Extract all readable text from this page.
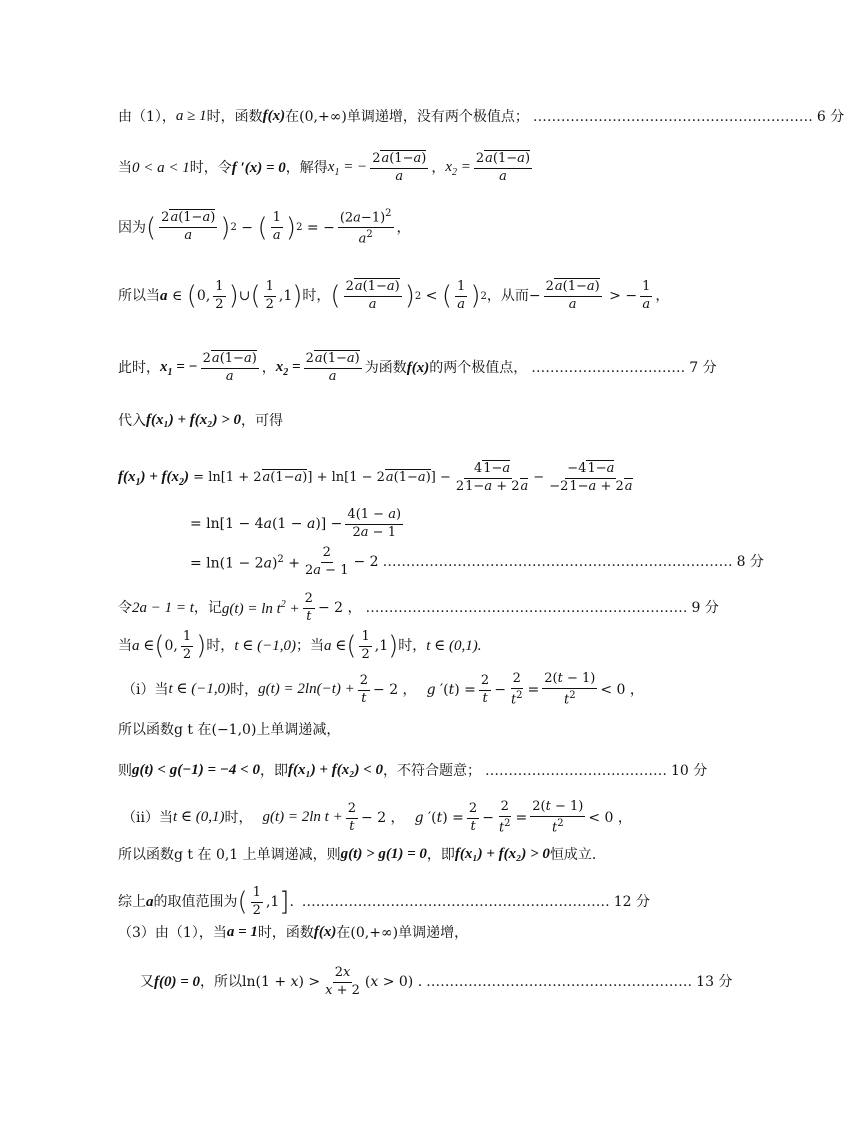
由（1）， a ≥ 1 时，函数 f(x) 在 (0,+∞) 单调递增，没有两个极值点； …………………………………………………… 6 分
当 0 < a < 1 时，令 f ′(x) = 0 ，解得 $x_1$ = − $\frac{2a(1-a)}{a}$ ， $x_2 = \frac{2a(1-a)}{a}$
因为 ( $\frac{2a(1-a)}{a}$ ) 2 − ( $\frac{1}{a}$ ) 2 = − $\frac{(2a-1)^2}{a^2}$ ，
所以当 a ∈ ( 0, $\frac{1}{2}$ ) ∪ ( $\frac{1}{2} ,1$ ) 时， ( $\frac{2a(1-a)}{a}$ ) 2 < ( $\frac{1}{a}$ ) 2 ，从而 − $\frac{2a(1-a)}{a}$ > − $\frac{1}{a}$ ，
此时， $x_1$ = − $\frac{2a(1-a)}{a}$ ， $x_2 = \frac{2a(1-a)}{a}$ 为函数 f(x) 的两个极值点， …………………………… 7 分
代入 f(x₁) + f(x₂) > 0 ，可得
$f(x_1) + f(x_2) = \ln[1 + 2a(1-a)] + \ln[1 - 2a(1-a)] - \frac{41-a}{21-a + 2a} - \frac{-41-a}{-21-a + 2a}$
= $\ln[1 - 4a(1 - a)] - \frac{4(1 - a)}{2a - 1}$
= $\ln(1 - 2a)^2 + \frac{2}{2a - 1} - 2$ ………………………………………………………………… 8 分
令 2a − 1 = t ，记 $g(t) = \ln t^2 + \frac{2}{t} - 2$ ， …………………………………………………………… 9 分
当 a ∈ ( 0, $\frac{1}{2}$ ) 时， t ∈ (−1,0) ；当 a ∈ ( $\frac{1}{2} ,1$ ) 时， t ∈ (0,1).
（i）当 t ∈ (−1,0) 时， $g(t) = 2\ln(-t) + \frac{2}{t} - 2$ ， g $'(t) = \frac{2}{t} - \frac{2}{t^2} = \frac{2(t - 1)}{t^2} < 0$ ，
所以函数g t 在(−1,0)上单调递减，
则 g(t) < g(−1) = −4 < 0 ，即 f(x₁) + f(x₂) < 0 ，不符合题意； ………………………………… 10 分
（ii）当 t ∈ (0,1) 时， g(t) = 2ln $t + \frac{2}{t} - 2$ ， g $'(t) = \frac{2}{t} - \frac{2}{t^2} = \frac{2(t - 1)}{t^2} < 0$ ，
所以函数g t 在 0,1 上单调递减，则 g(t) > g(1) = 0 ，即 f(x₁) + f(x₂) > 0 恒成立.
综上 a 的取值范围为 ( $\frac{1}{2} ,1$ ] . ………………………………………………………… 12 分
（3）由（1），当 a = 1 时，函数 f(x) 在 (0,+∞) 单调递增，
又 f(0) = 0 ，所以 $\ln(1 + x) > \frac{2x}{x + 2} (x > 0)$ . ………………………………………………… 13 分
